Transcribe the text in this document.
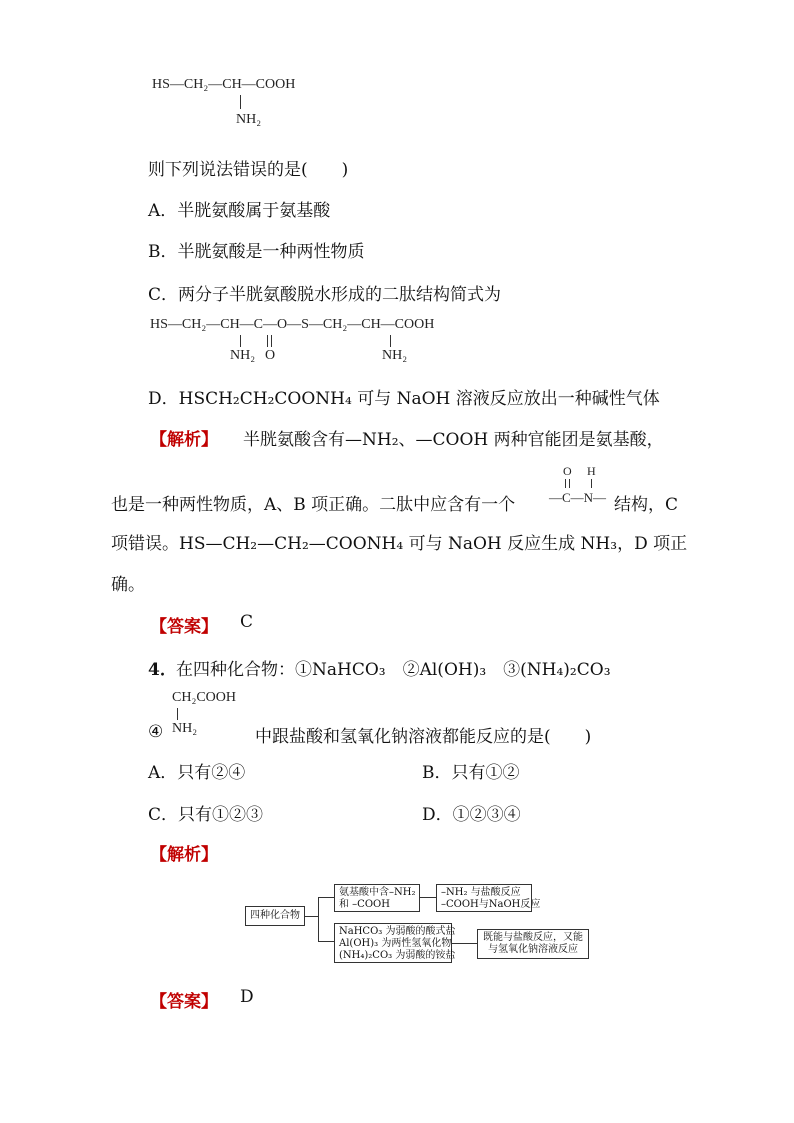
HS—CH₂—CH—COOH
NH₂
则下列说法错误的是(　　)
A．半胱氨酸属于氨基酸
B．半胱氨酸是一种两性物质
C．两分子半胱氨酸脱水形成的二肽结构简式为
HS—CH₂—CH—C—O—S—CH₂—CH—COOH
NH₂ O	NH₂
D．HSCH₂CH₂COONH₄ 可与 NaOH 溶液反应放出一种碱性气体
【解析】 半胱氨酸含有—NH₂、—COOH 两种官能团是氨基酸，
也是一种两性物质，A、B 项正确。二肽中应含有一个
O H
—C—N— 结构，C
项错误。HS—CH₂—CH₂—COONH₄ 可与 NaOH 反应生成 NH₃，D 项正
确。
【答案】 C
4． 在四种化合物：①NaHCO₃　②Al(OH)₃　③(NH₄)₂CO₃
CH₂COOH
④ NH₂	中跟盐酸和氢氧化钠溶液都能反应的是(　　)
A．只有②④	B．只有①②
C．只有①②③	D．①②③④
【解析】
四种化合物
氨基酸中含–NH₂
和 –COOH
–NH₂ 与盐酸反应
–COOH与NaOH反应
NaHCO₃ 为弱酸的酸式盐
Al(OH)₃ 为两性氢氧化物
(NH₄)₂CO₃ 为弱酸的铵盐
既能与盐酸反应，又能
与氢氧化钠溶液反应
【答案】 D
